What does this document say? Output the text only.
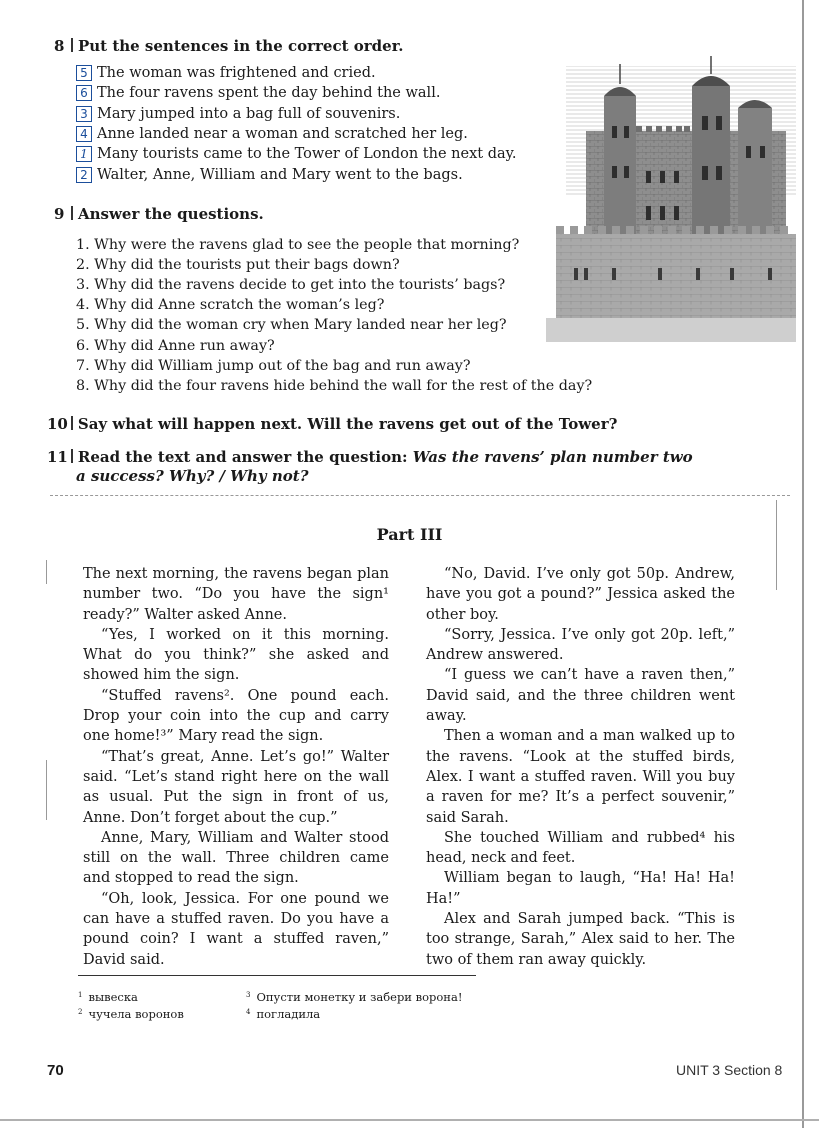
8 Put the sentences in the correct order.
5 The woman was frightened and cried.
6 The four ravens spent the day behind the wall.
3 Mary jumped into a bag full of souvenirs.
4 Anne landed near a woman and scratched her leg.
1 Many tourists came to the Tower of London the next day.
2 Walter, Anne, William and Mary went to the bags.
9 Answer the questions.
1. Why were the ravens glad to see the people that morning?
2. Why did the tourists put their bags down?
3. Why did the ravens decide to get into the tourists’ bags?
4. Why did Anne scratch the woman’s leg?
5. Why did the woman cry when Mary landed near her leg?
6. Why did Anne run away?
7. Why did William jump out of the bag and run away?
8. Why did the four ravens hide behind the wall for the rest of the day?
10 Say what will happen next. Will the ravens get out of the Tower?
11 Read the text and answer the question: Was the ravens’ plan number two
a success? Why? / Why not?
Part III

The next morning, the ravens began plan number two. “Do you have the sign¹ ready?” Walter asked Anne.

“Yes, I worked on it this morning. What do you think?” she asked and showed him the sign.

“Stuffed ravens². One pound each. Drop your coin into the cup and carry one home!³” Mary read the sign.

“That’s great, Anne. Let’s go!” Walter said. “Let’s stand right here on the wall as usual. Put the sign in front of us, Anne. Don’t forget about the cup.”

Anne, Mary, William and Walter stood still on the wall. Three children came and stopped to read the sign.

“Oh, look, Jessica. For one pound we can have a stuffed raven. Do you have a pound coin? I want a stuffed raven,” David said.

“No, David. I’ve only got 50p. Andrew, have you got a pound?” Jessica asked the other boy.

“Sorry, Jessica. I’ve only got 20p. left,” Andrew answered.

“I guess we can’t have a raven then,” David said, and the three children went away.

Then a woman and a man walked up to the ravens. “Look at the stuffed birds, Alex. I want a stuffed raven. Will you buy a raven for me? It’s a perfect souvenir,” said Sarah.

She touched William and rubbed⁴ his head, neck and feet.

William began to laugh, “Ha! Ha! Ha! Ha!”

Alex and Sarah jumped back. “This is too strange, Sarah,” Alex said to her. The two of them ran away quickly.

$^1$ вывеска
$^2$ чучела воронов
$^3$ Опусти монетку и забери ворона!
$^4$ погладила
70	UNIT 3 Section 8
